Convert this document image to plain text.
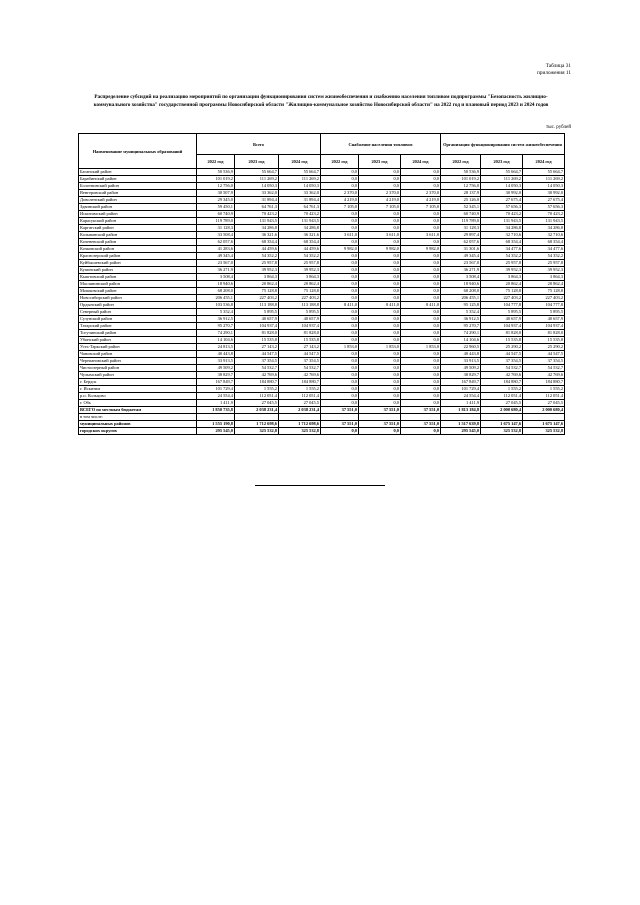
Таблица 31
приложения 11
Распределение субсидий на реализацию мероприятий по организации функционирования систем жизнеобеспечения и снабжению населения топливом подпрограммы "Безопасность жилищно-коммунального хозяйства" государственной программы Новосибирской области "Жилищно-коммунальное хозяйство Новосибирской области" на 2022 год и плановый период 2023 и 2024 годов
тыс. рублей
Наименование муниципальных образований	Всего			Снабжение населения топливом			Организация функционирования систем жизнеобеспечения		
	2022 год	2023 год	2024 год	2022 год	2023 год	2024 год	2022 год	2023 год	2024 год
Баганский район	50 536,9	55 664,7	55 664,7	0,0	0,0	0,0	50 536,9	55 664,7	55 664,7
Барабинский район	101 019,2	111 269,2	111 269,2	0,0	0,0	0,0	101 019,2	111 269,2	111 269,2
Болотнинский район	12 756,0	14 050,3	14 050,3	0,0	0,0	0,0	12 756,0	14 050,3	14 050,3
Венгеровский район	30 507,9	33 362,0	33 362,0	2 370,0	2 370,0	2 370,0	28 137,9	30 992,0	30 992,0
Доволенский район	29 345,0	31 894,4	31 894,4	4 219,0	4 219,0	4 219,0	25 126,0	27 675,4	27 675,4
Здвинский район	59 450,1	64 761,3	64 761,3	7 105,0	7 105,0	7 105,0	52 345,1	57 656,3	57 656,3
Искитимский район	60 740,9	70 423,2	70 423,2	0,0	0,0	0,0	60 740,9	70 423,2	70 423,2
Карасукский район	119 789,0	131 943,5	131 943,5	0,0	0,0	0,0	119 789,0	131 943,5	131 943,5
Каргатский район	31 128,3	34 286,8	34 286,8	0,0	0,0	0,0	31 128,3	34 286,8	34 286,8
Колыванский район	33 508,4	36 321,6	36 321,6	3 611,0	3 611,0	3 611,0	29 897,4	32 710,6	32 710,6
Коченевский район	62 057,6	68 354,4	68 354,4	0,0	0,0	0,0	62 057,6	68 354,4	68 354,4
Кочковский район	41 283,6	44 459,6	44 459,6	9 982,0	9 982,0	9 982,0	31 301,6	34 477,6	34 477,6
Краснозерский район	49 345,4	54 352,2	54 352,2	0,0	0,0	0,0	49 345,4	54 352,2	54 352,2
Куйбышевский район	23 567,0	25 957,8	25 957,8	0,0	0,0	0,0	23 567,0	25 957,8	25 957,8
Купинский район	36 271,9	39 952,3	39 952,3	0,0	0,0	0,0	36 271,9	39 952,3	39 952,3
Кыштовский район	3 508,4	3 864,3	3 864,3	0,0	0,0	0,0	3 508,4	3 864,3	3 864,3
Маслянинский район	18 940,6	20 862,4	20 862,4	0,0	0,0	0,0	18 940,6	20 862,4	20 862,4
Мошковский район	68 208,0	75 128,8	75 128,8	0,0	0,0	0,0	68 208,0	75 128,8	75 128,8
Новосибирский район	206 455,1	227 403,2	227 403,2	0,0	0,0	0,0	206 455,1	227 403,2	227 403,2
Ордынский район	103 536,8	113 188,8	113 188,8	8 411,0	8 411,0	8 411,0	95 125,8	104 777,8	104 777,8
Северный район	5 352,4	5 895,5	5 895,5	0,0	0,0	0,0	5 352,4	5 895,5	5 895,5
Сузунский район	36 912,5	40 657,9	40 657,9	0,0	0,0	0,0	36 912,5	40 657,9	40 657,9
Татарский район	95 270,7	104 937,4	104 937,4	0,0	0,0	0,0	95 270,7	104 937,4	104 937,4
Тогучинский район	74 290,1	81 828,0	81 828,0	0,0	0,0	0,0	74 290,1	81 828,0	81 828,0
Убинский район	14 104,6	15 535,8	15 535,8	0,0	0,0	0,0	14 104,6	15 535,8	15 535,8
Усть-Таркский район	24 813,5	27 143,2	27 143,2	1 853,0	1 853,0	1 853,0	22 960,5	25 290,2	25 290,2
Чановский район	40 443,8	44 547,5	44 547,5	0,0	0,0	0,0	40 443,8	44 547,5	44 547,5
Черепановский район	33 913,5	37 354,5	37 354,5	0,0	0,0	0,0	33 913,5	37 354,5	37 354,5
Чистоозерный район	49 509,2	54 532,7	54 532,7	0,0	0,0	0,0	49 509,2	54 532,7	54 532,7
Чулымский район	38 829,7	42 769,6	42 769,6	0,0	0,0	0,0	38 829,7	42 769,6	42 769,6
г. Бердск	167 849,7	184 880,7	184 880,7	0,0	0,0	0,0	167 849,7	184 880,7	184 880,7
г. Искитим	101 729,4	1 555,2	1 555,2	0,0	0,0	0,0	101 729,4	1 555,2	1 555,2
р.п. Кольцово	24 554,4	112 051,4	112 051,4	0,0	0,0	0,0	24 554,4	112 051,4	112 051,4
г. Обь	1 411,9	27 045,5	27 045,5	0,0	0,0	0,0	1 411,9	27 045,5	27 045,5
ВСЕГО по местным бюджетам	1 850 735,8	2 038 231,4	2 038 231,4	37 551,0	37 551,0	37 551,0	1 813 184,8	2 000 680,4	2 000 680,4
в том числе:									
муниципальных районов	1 555 190,8	1 712 698,6	1 712 698,6	37 551,0	37 551,0	37 551,0	1 517 639,8	1 675 147,6	1 675 147,6
городских округов	295 545,0	325 532,8	325 532,8	0,0	0,0	0,0	295 545,0	325 532,8	325 532,8
